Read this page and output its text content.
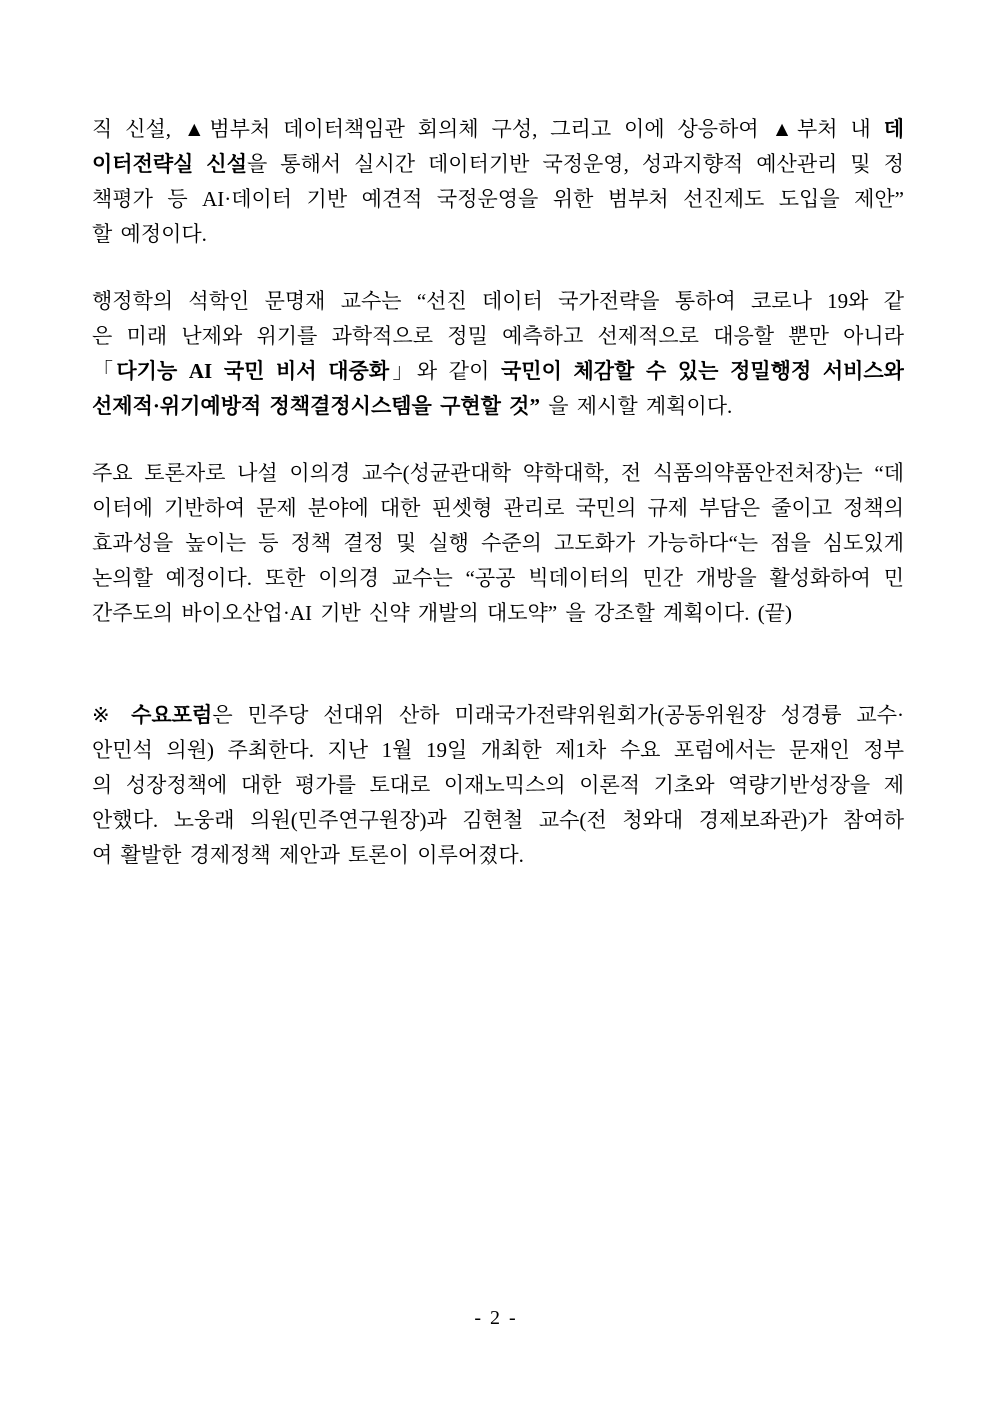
직 신설, ▲범부처 데이터책임관 회의체 구성, 그리고 이에 상응하여 ▲부처 내 데
이터전략실 신설을 통해서 실시간 데이터기반 국정운영, 성과지향적 예산관리 및 정
책평가 등 AI·데이터 기반 예견적 국정운영을 위한 범부처 선진제도 도입을 제안”
할 예정이다.
행정학의 석학인 문명재 교수는 “선진 데이터 국가전략을 통하여 코로나 19와 같
은 미래 난제와 위기를 과학적으로 정밀 예측하고 선제적으로 대응할 뿐만 아니라
「다기능 AI 국민 비서 대중화」와 같이 국민이 체감할 수 있는 정밀행정 서비스와
선제적·위기예방적 정책결정시스템을 구현할 것” 을 제시할 계획이다.
주요 토론자로 나설 이의경 교수(성균관대학 약학대학, 전 식품의약품안전처장)는 “데
이터에 기반하여 문제 분야에 대한 핀셋형 관리로 국민의 규제 부담은 줄이고 정책의
효과성을 높이는 등 정책 결정 및 실행 수준의 고도화가 가능하다“는 점을 심도있게
논의할 예정이다. 또한 이의경 교수는 “공공 빅데이터의 민간 개방을 활성화하여 민
간주도의 바이오산업·AI 기반 신약 개발의 대도약” 을 강조할 계획이다. (끝)
※ 수요포럼은 민주당 선대위 산하 미래국가전략위원회가(공동위원장 성경륭 교수·
안민석 의원) 주최한다. 지난 1월 19일 개최한 제1차 수요 포럼에서는 문재인 정부
의 성장정책에 대한 평가를 토대로 이재노믹스의 이론적 기초와 역량기반성장을 제
안했다. 노웅래 의원(민주연구원장)과 김현철 교수(전 청와대 경제보좌관)가 참여하
여 활발한 경제정책 제안과 토론이 이루어졌다.
- 2 -
